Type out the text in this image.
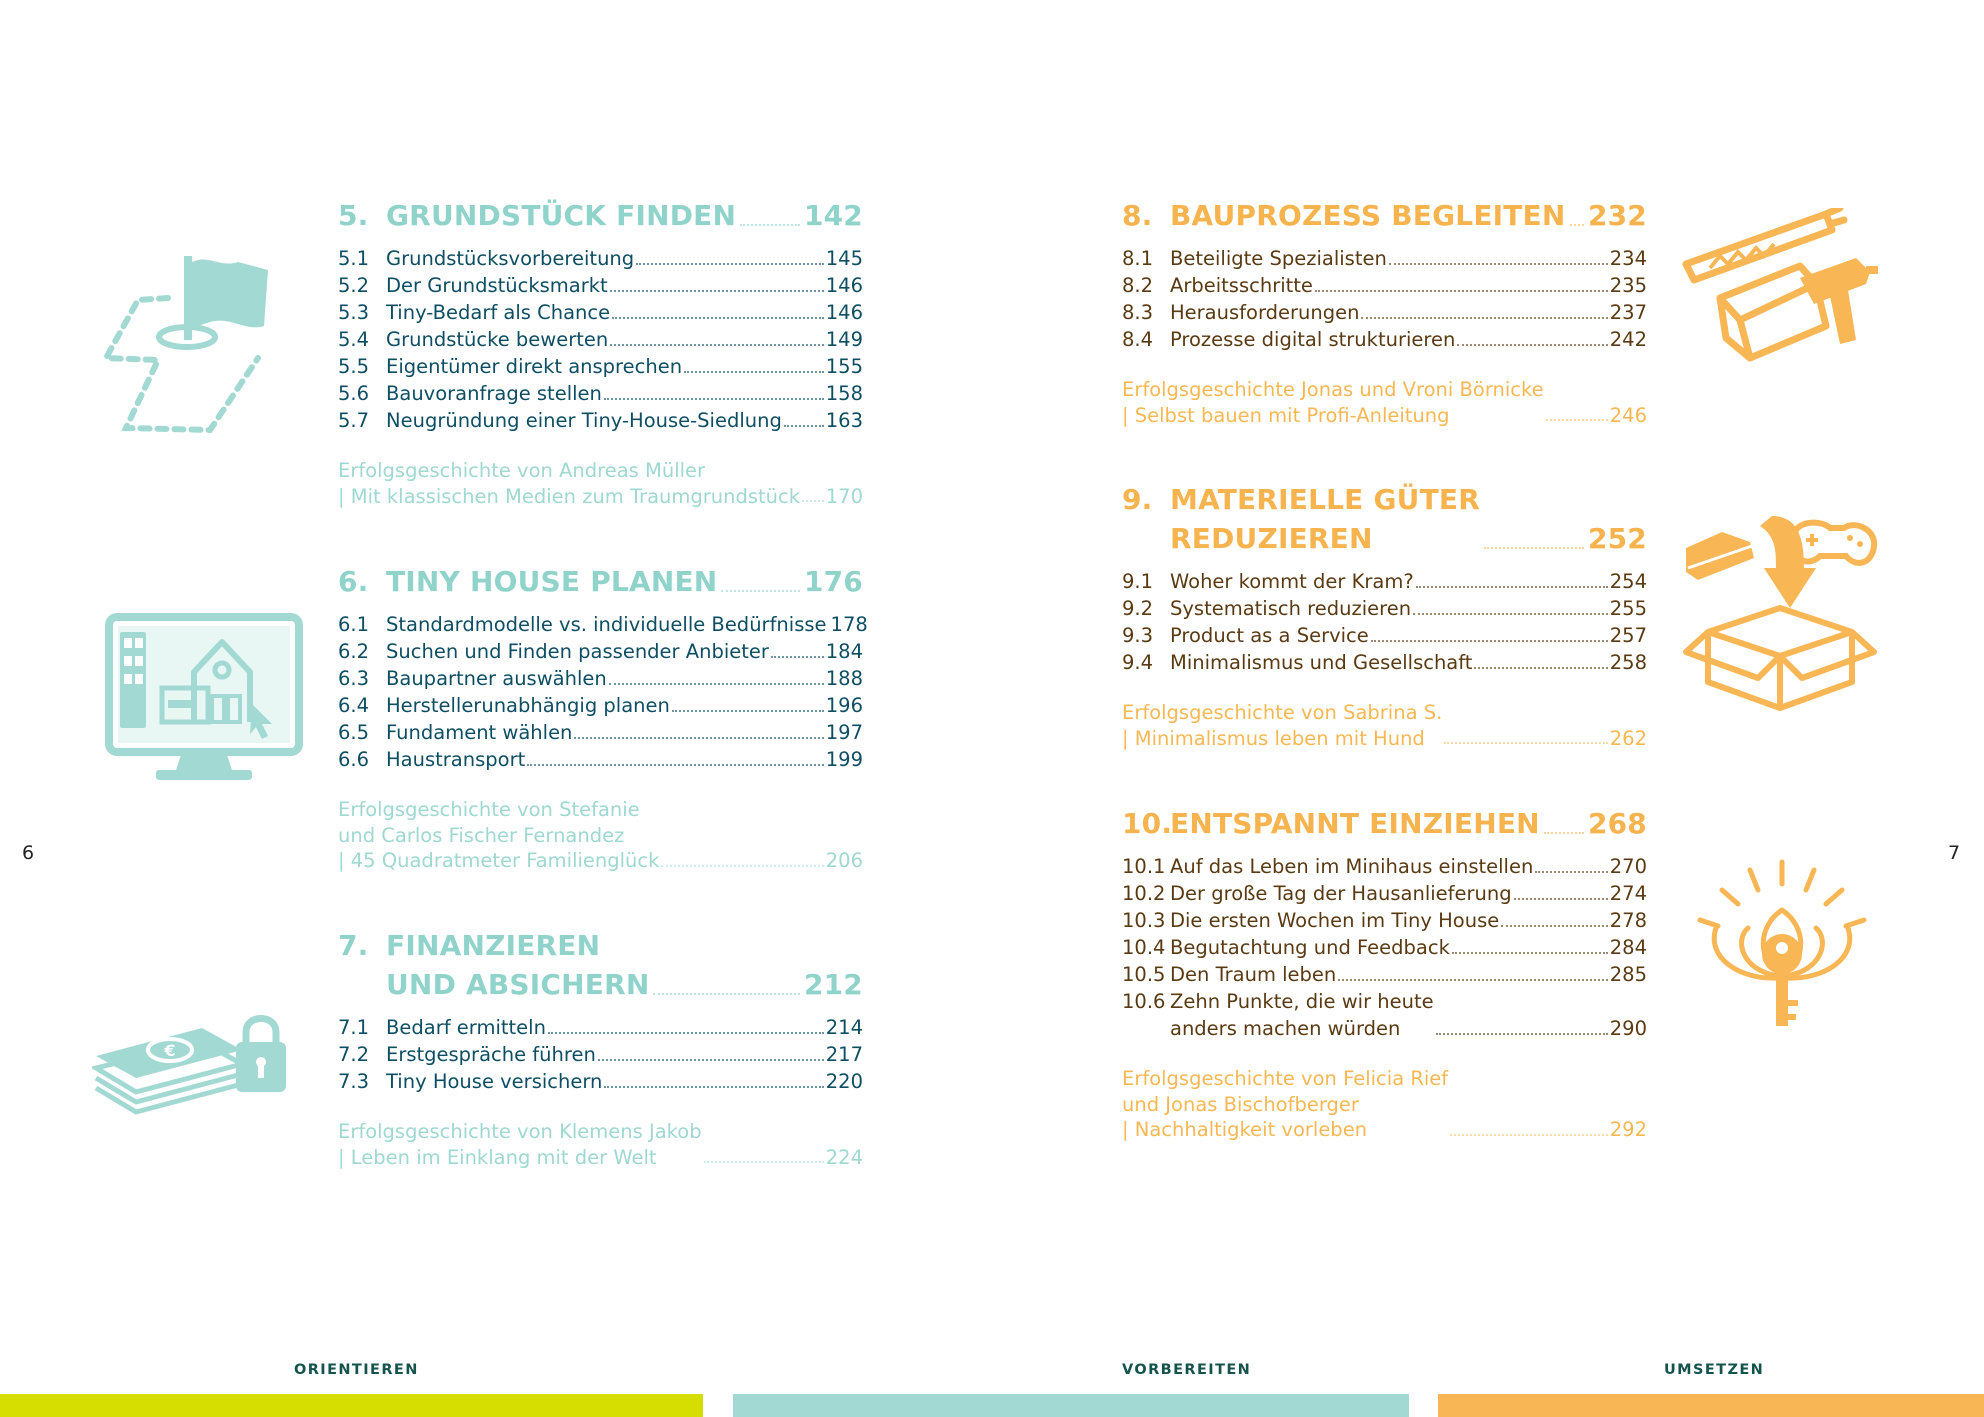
5. GRUNDSTÜCK FINDEN 142
5.1 Grundstücksvorbereitung	145
5.2 Der Grundstücksmarkt	146
5.3 Tiny-Bedarf als Chance	146
5.4 Grundstücke bewerten	149
5.5 Eigentümer direkt ansprechen	155
5.6 Bauvoranfrage stellen	158
5.7 Neugründung einer Tiny-House-Siedlung 163
Erfolgsgeschichte von Andreas Müller
| Mit klassischen Medien zum Traumgrundstück 170
6. TINY HOUSE PLANEN	176
6.1 Standardmodelle vs. individuelle Bedürfnisse 178
6.2 Suchen und Finden passender Anbieter	184
6.3 Baupartner auswählen	188
6.4 Herstellerunabhängig planen	196
6.5 Fundament wählen	197
6.6 Haustransport	199
Erfolgsgeschichte von Stefanie
und Carlos Fischer Fernandez
| 45 Quadratmeter Familienglück	206
7. FINANZIEREN
UND ABSICHERN	212
7.1 Bedarf ermitteln	214
7.2 Erstgespräche führen	217
7.3 Tiny House versichern	220
Erfolgsgeschichte von Klemens Jakob
| Leben im Einklang mit der Welt	224
6
€
8. BAUPROZESS BEGLEITEN 232
8.1 Beteiligte Spezialisten	234
8.2 Arbeitsschritte	235
8.3 Herausforderungen	237
8.4 Prozesse digital strukturieren	242
Erfolgsgeschichte Jonas und Vroni Börnicke
| Selbst bauen mit Profi-Anleitung	246
9. MATERIELLE GÜTER
REDUZIEREN	252
9.1 Woher kommt der Kram?	254
9.2 Systematisch reduzieren	255
9.3 Product as a Service	257
9.4 Minimalismus und Gesellschaft	258
Erfolgsgeschichte von Sabrina S.
| Minimalismus leben mit Hund	262
10.
ENTSPANNT EINZIEHEN 268
10.1 Auf das Leben im Minihaus einstellen	270
10.2 Der große Tag der Hausanlieferung	274
10.3 Die ersten Wochen im Tiny House	278
10.4 Begutachtung und Feedback	284
10.5 Den Traum leben	285
10.6 Zehn Punkte, die wir heute
anders machen würden	290
Erfolgsgeschichte von Felicia Rief
und Jonas Bischofberger
| Nachhaltigkeit vorleben	292
7
ORIENTIEREN	VORBEREITEN	UMSETZEN
